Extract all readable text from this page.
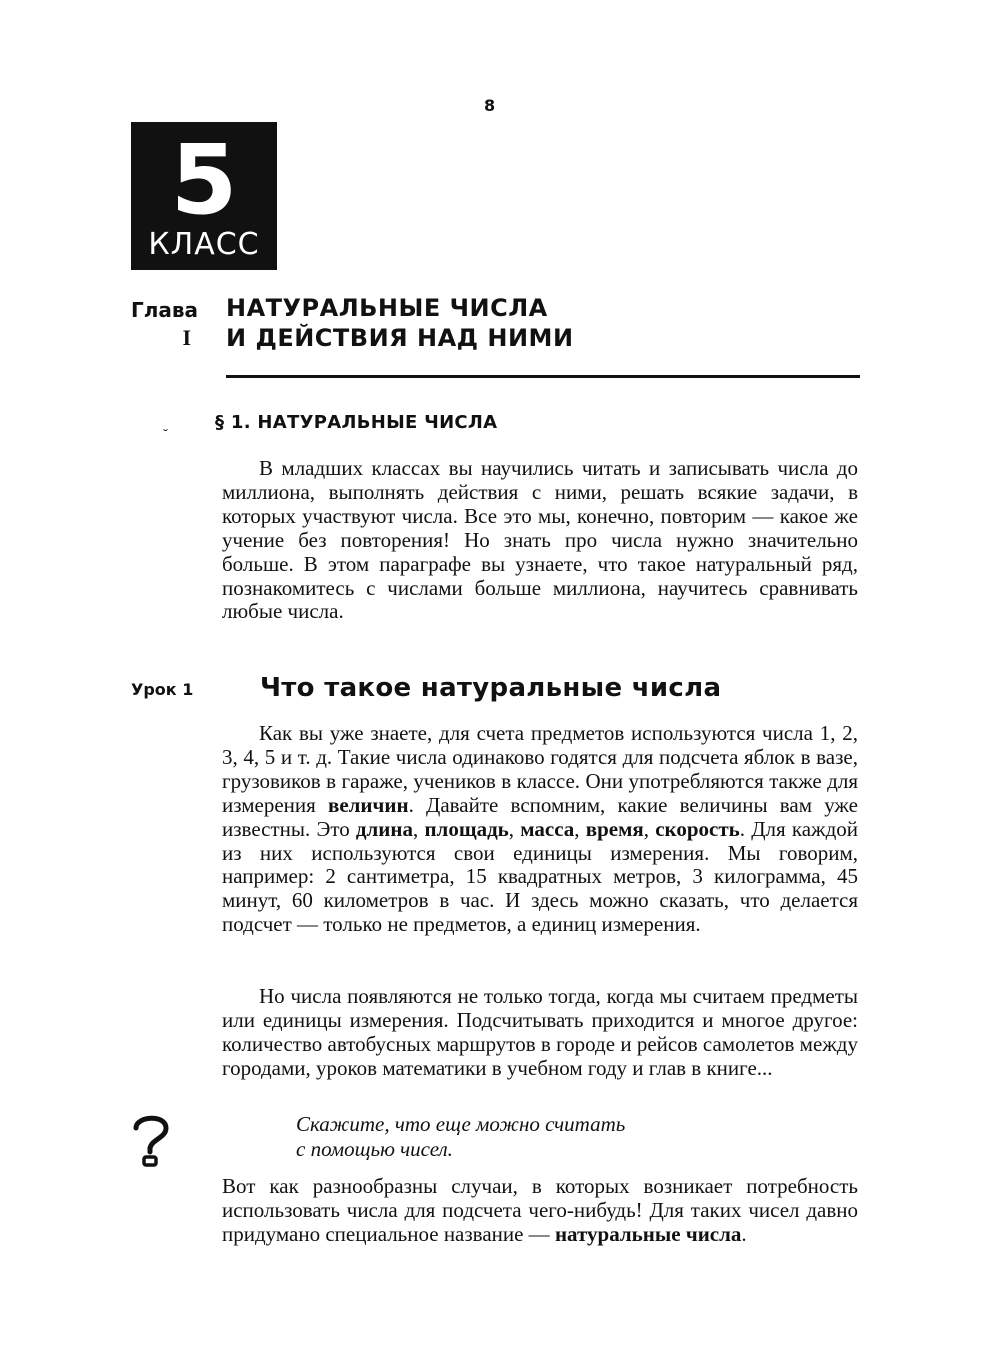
8
5
КЛАСС
Глава
I
НАТУРАЛЬНЫЕ ЧИСЛА
И ДЕЙСТВИЯ НАД НИМИ
§ 1. НАТУРАЛЬНЫЕ ЧИСЛА
˘

В младших классах вы научились читать и записывать числа до миллиона, выполнять действия с ними, решать всякие задачи, в которых участвуют числа. Все это мы, конечно, повторим — какое же учение без повторения! Но знать про числа нужно значительно больше. В этом параграфе вы узнаете, что такое натуральный ряд, познакомитесь с числами больше миллиона, научитесь сравнивать любые числа.

Урок 1	Что такое натуральные числа

Как вы уже знаете, для счета предметов используются числа 1, 2, 3, 4, 5 и т. д. Такие числа одинаково годятся для подсчета яблок в вазе, грузовиков в гараже, учеников в классе. Они употребляются также для измерения величин. Давайте вспомним, какие величины вам уже известны. Это длина, площадь, масса, время, скорость. Для каждой из них используются свои единицы измерения. Мы говорим, например: 2 сантиметра, 15 квадратных метров, 3 килограмма, 45 минут, 60 километров в час. И здесь можно сказать, что делается подсчет — только не предметов, а единиц измерения.

Но числа появляются не только тогда, когда мы считаем предметы или единицы измерения. Подсчитывать приходится и многое другое: количество автобусных маршрутов в городе и рейсов самолетов между городами, уроков математики в учебном году и глав в книге...

Скажите, что еще можно считать
с помощью чисел.

Вот как разнообразны случаи, в которых возникает потребность использовать числа для подсчета чего-нибудь! Для таких чисел давно придумано специальное название — натуральные числа.
